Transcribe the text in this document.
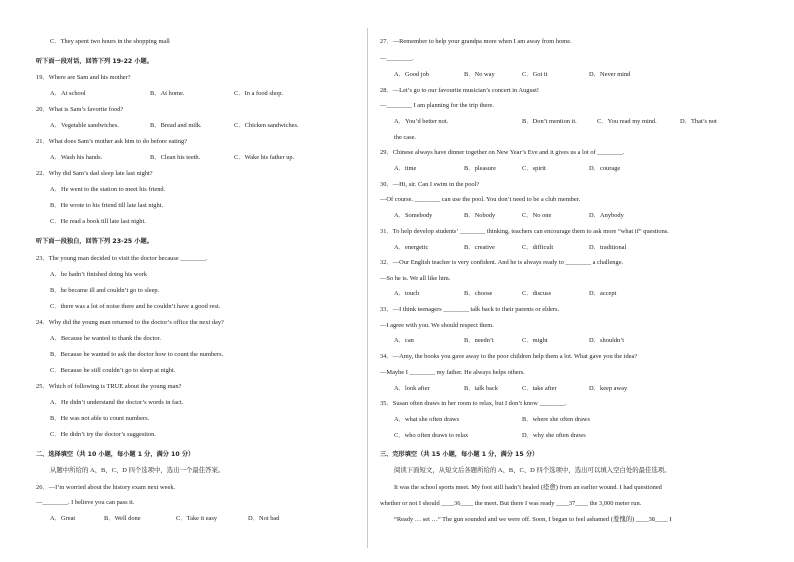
C．They spent two hours in the shopping mall
听下面一段对话，回答下列 19-22 小题。
19．Where are Sam and his mother?
A．At school	B．At home.	C．In a food shop.
20．What is Sam’s favorite food?
A．Vegetable sandwiches.	B．Bread and milk.	C．Chicken sandwiches.
21．What does Sam’s mother ask him to do before eating?
A．Wash his hands.	B．Clean his teeth.	C．Wake his father up.
22．Why did Sam’s dad sleep late last night?
A．He went to the station to meet his friend.
B．He wrote to his friend till late last night.
C．He read a book till late last night.
听下面一段独白，回答下列 23-25 小题。
23．The young man decided to visit the doctor because ________.
A．he hadn’t finished doing his work
B．he became ill and couldn’t go to sleep.
C．there was a lot of noise there and he couldn’t have a good rest.
24．Why did the young man returned to the doctor’s office the next day?
A．Because he wanted to thank the doctor.
B．Because he wanted to ask the doctor how to count the numbers.
C．Because he still couldn’t go to sleep at night.
25．Which of following is TRUE about the young man?
A．He didn’t understand the doctor’s words in fact.
B．He was not able to count numbers.
C．He didn’t try the doctor’s suggestion.
二、选择填空（共 10 小题，每小题 1 分，满分 10 分）
从题中所给的 A、B、C、D 四个选项中，选出一个最佳答案。
26．—I’m worried about the history exam next week.
—________. I believe you can pass it.
A．Great	B．Well done	C．Take it easy	D．Not bad
27．—Remember to help your grandpa more when I am away from home.
—________.
A．Good job	B．No way	C．Got it	D．Never mind
28．—Let’s go to our favourite musician’s concert in August!
—________ I am planning for the trip there.
A．You’d better not.	B．Don’t mention it.	C．You read my mind.	D．That’s not
the case.
29．Chinese always have dinner together on New Year’s Eve and it gives us a lot of ________.
A．time	B．pleasure	C．spirit	D．courage
30．—Hi, sir. Can I swim in the pool?
—Of course. ________ can use the pool. You don’t need to be a club member.
A．Somebody	B．Nobody	C．No one	D．Anybody
31．To help develop students’ ________ thinking, teachers can encourage them to ask more “what if” questions.
A．energetic	B．creative	C．difficult	D．traditional
32．—Our English teacher is very confident. And he is always ready to ________ a challenge.
—So he is. We all like him.
A．touch	B．choose	C．discuss	D．accept
33．—I think teenagers ________ talk back to their parents or elders.
—I agree with you. We should respect them.
A．can	B．needn’t	C．might	D．shouldn’t
34．—Amy, the books you gave away to the poor children help them a lot. What gave you the idea?
—Maybe I ________ my father. He always helps others.
A．look after	B．talk back	C．take after	D．keep away
35．Susan often draws in her room to relax, but I don’t know ________.
A．what she often draws	B．where she often draws
C．who often draws to relax	D．why she often draws
三、完形填空（共 15 小题，每小题 1 分，满分 15 分）
阅读下面短文，从短文后各题所给的 A、B、C、D 四个选项中，选出可以填入空白处的最佳选项。
It was the school sports meet. My foot still hadn’t healed (痊愈) from an earlier wound. I had questioned
whether or not I should ____36____ the meet. But there I was ready ____37____ the 3,000 meter run.
“Ready … set …” The gun sounded and we were off. Soon, I began to feel ashamed (羞愧的) ____38____ I
